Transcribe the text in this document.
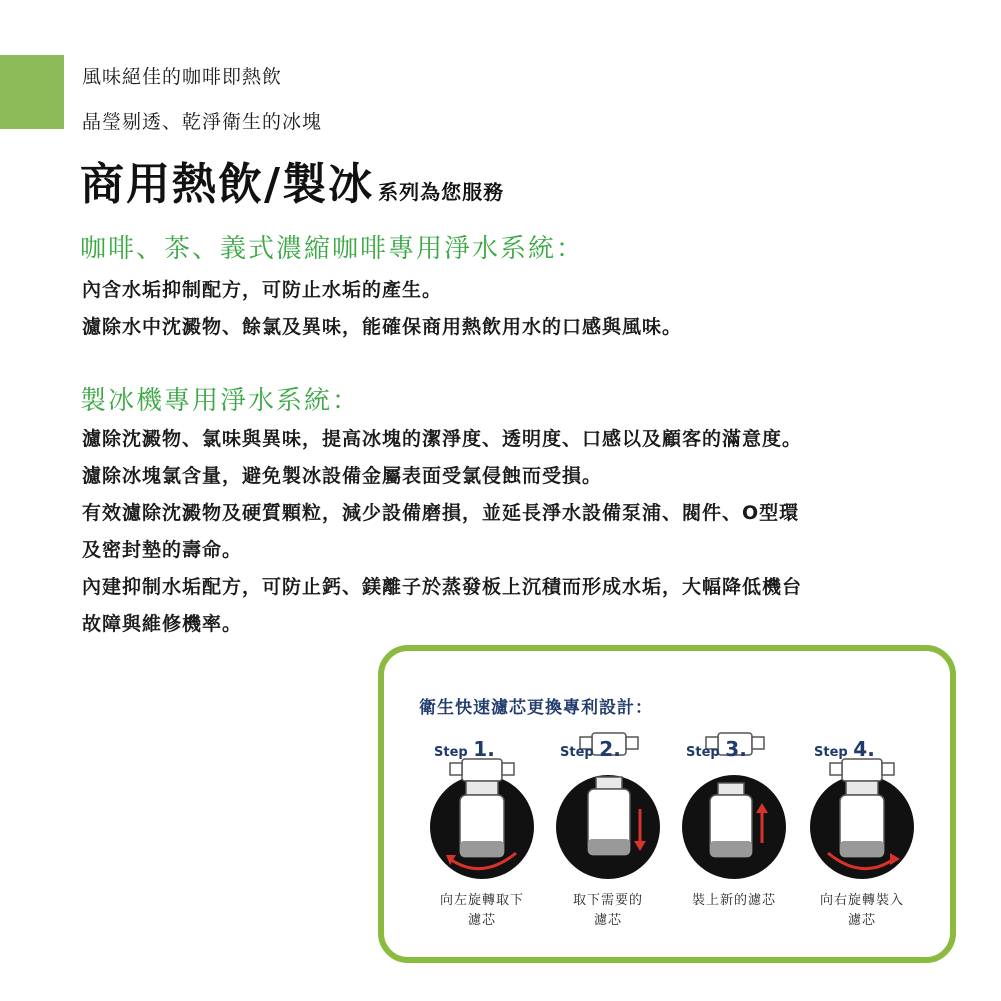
風味絕佳的咖啡即熱飲
晶瑩剔透、乾淨衛生的冰塊
商用熱飲/製冰 系列為您服務
咖啡、茶、義式濃縮咖啡專用淨水系統：
內含水垢抑制配方，可防止水垢的產生。
濾除水中沈澱物、餘氯及異味，能確保商用熱飲用水的口感與風味。
製冰機專用淨水系統：
濾除沈澱物、氯味與異味，提高冰塊的潔淨度、透明度、口感以及顧客的滿意度。
濾除冰塊氯含量，避免製冰設備金屬表面受氯侵蝕而受損。
有效濾除沈澱物及硬質顆粒，減少設備磨損，並延長淨水設備泵浦、閥件、O型環
及密封墊的壽命。
內建抑制水垢配方，可防止鈣、鎂離子於蒸發板上沉積而形成水垢，大幅降低機台
故障與維修機率。
衛生快速濾芯更換專利設計：
Step 1.
向左旋轉取下
濾芯
Step 2.
取下需要的
濾芯
Step 3.
裝上新的濾芯

Step 4.
向右旋轉裝入
濾芯
